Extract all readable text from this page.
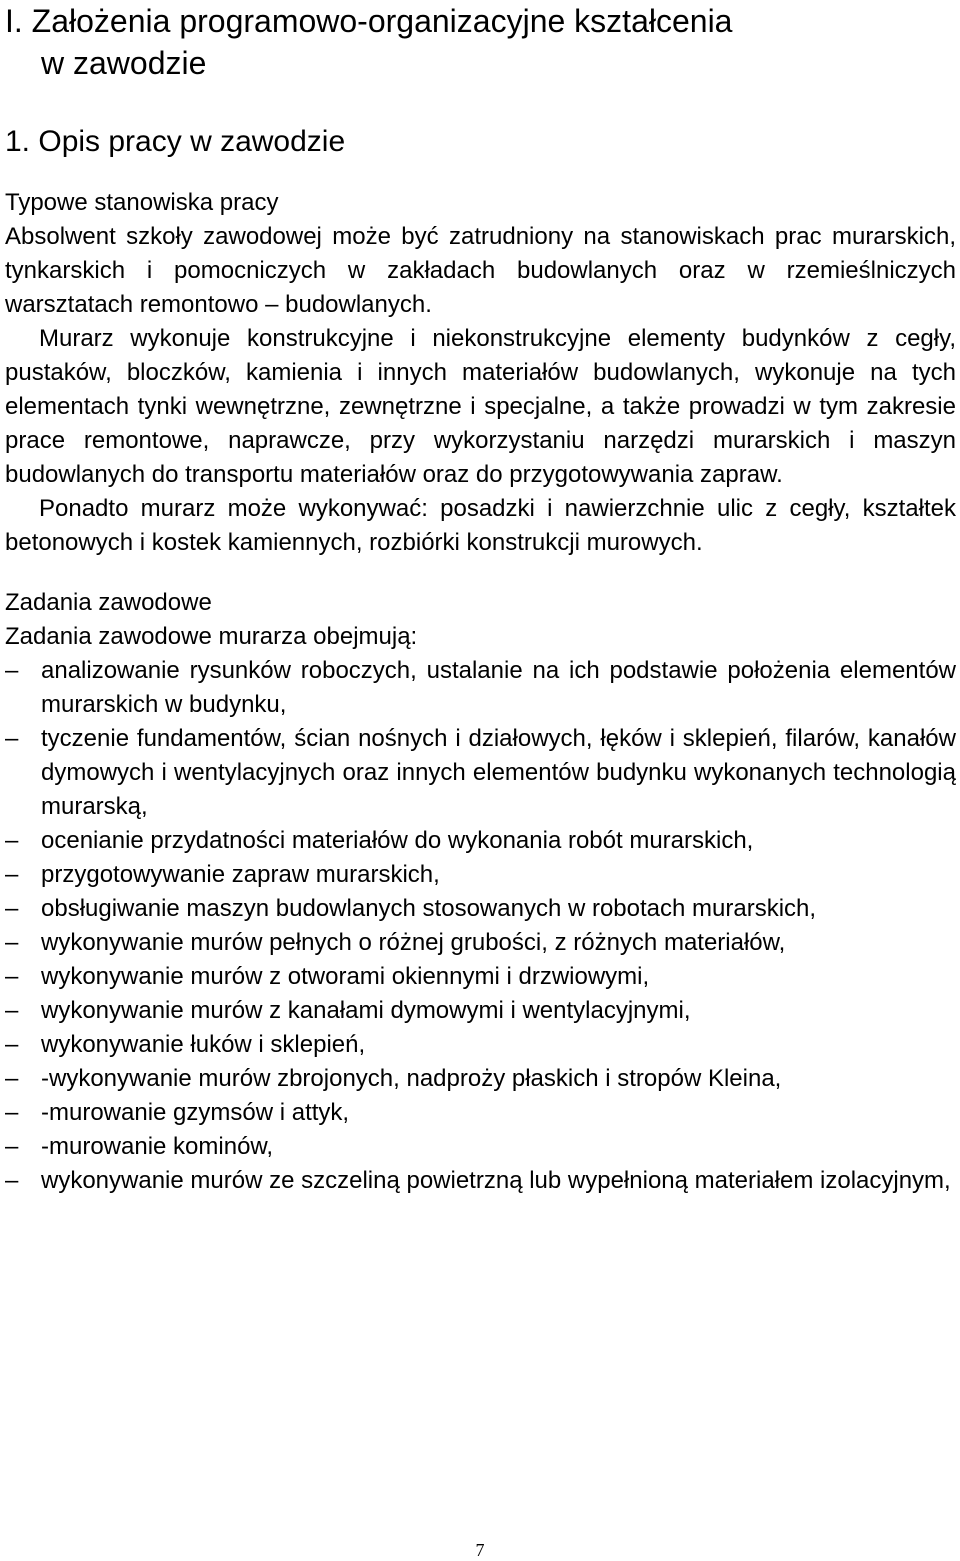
I. Założenia programowo-organizacyjne kształcenia
w zawodzie
1. Opis pracy w zawodzie
Typowe stanowiska pracy

Absolwent szkoły zawodowej może być zatrudniony na stanowiskach prac murarskich, tynkarskich i pomocniczych w zakładach budowlanych oraz w rzemieślniczych warsztatach remontowo – budowlanych.

Murarz wykonuje konstrukcyjne i niekonstrukcyjne elementy budynków z cegły, pustaków, bloczków, kamienia i innych materiałów budowlanych, wykonuje na tych elementach tynki wewnętrzne, zewnętrzne i specjalne, a także prowadzi w tym zakresie prace remontowe, naprawcze, przy wykorzystaniu narzędzi murarskich i maszyn budowlanych do transportu materiałów oraz do przygotowywania zapraw.

Ponadto murarz może wykonywać: posadzki i nawierzchnie ulic z cegły, kształtek betonowych i kostek kamiennych, rozbiórki konstrukcji murowych.

Zadania zawodowe

Zadania zawodowe murarza obejmują:

– analizowanie rysunków roboczych, ustalanie na ich podstawie położenia elementów murarskich w budynku,
– tyczenie fundamentów, ścian nośnych i działowych, łęków i sklepień, filarów, kanałów dymowych i wentylacyjnych oraz innych elementów budynku wykonanych technologią murarską,
– ocenianie przydatności materiałów do wykonania robót murarskich,
– przygotowywanie zapraw murarskich,
– obsługiwanie maszyn budowlanych stosowanych w robotach murarskich,
– wykonywanie murów pełnych o różnej grubości, z różnych materiałów,
– wykonywanie murów z otworami okiennymi i drzwiowymi,
– wykonywanie murów z kanałami dymowymi i wentylacyjnymi,
– wykonywanie łuków i sklepień,
– -wykonywanie murów zbrojonych, nadproży płaskich i stropów Kleina,
– -murowanie gzymsów i attyk,
– -murowanie kominów,
– wykonywanie murów ze szczeliną powietrzną lub wypełnioną materiałem izolacyjnym,
7
